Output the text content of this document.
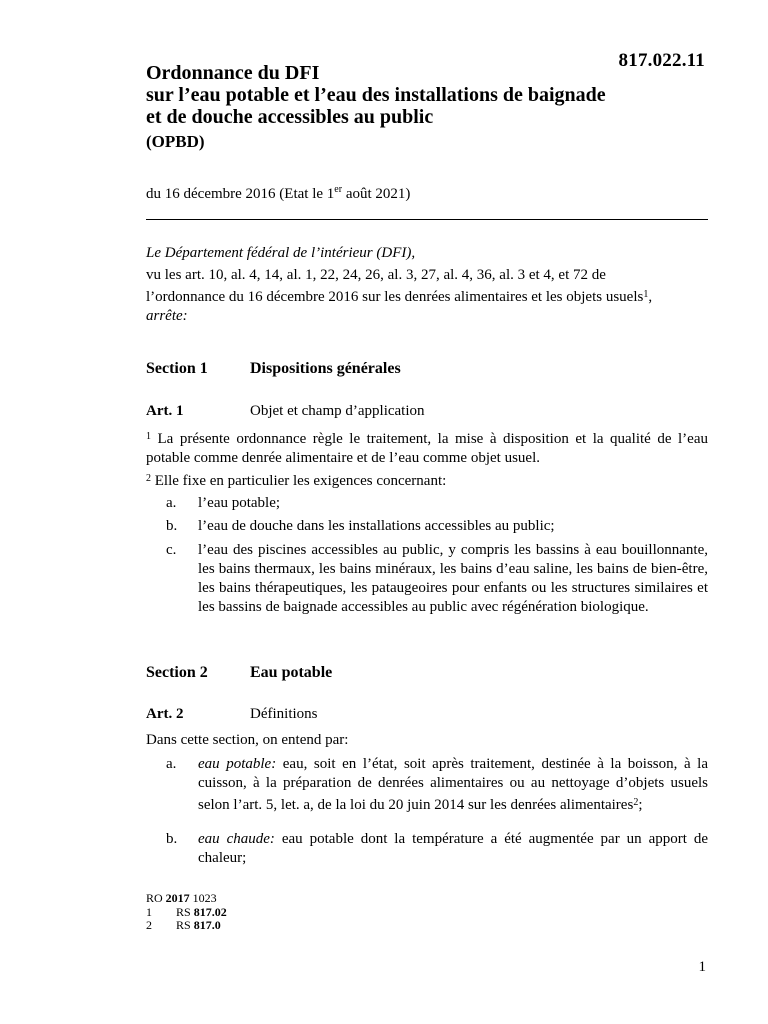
817.022.11
Ordonnance du DFI
sur l’eau potable et l’eau des installations de baignade
et de douche accessibles au public
(OPBD)
du 16 décembre 2016 (Etat le 1er août 2021)
Le Département fédéral de l’intérieur (DFI),
vu les art. 10, al. 4, 14, al. 1, 22, 24, 26, al. 3, 27, al. 4, 36, al. 3 et 4, et 72 de
l’ordonnance du 16 décembre 2016 sur les denrées alimentaires et les objets usuels$^1$,
arrête:
Section 1	Dispositions générales
Art. 1	Objet et champ d’application
$^1$ La présente ordonnance règle le traitement, la mise à disposition et la qualité de l’eau potable comme denrée alimentaire et de l’eau comme objet usuel.
$^2$ Elle fixe en particulier les exigences concernant:
a. l’eau potable;
b. l’eau de douche dans les installations accessibles au public;
c. l’eau des piscines accessibles au public, y compris les bassins à eau bouillonnante, les bains thermaux, les bains minéraux, les bains d’eau saline, les bains de bien-être, les bains thérapeutiques, les pataugeoires pour enfants ou les structures similaires et les bassins de baignade accessibles au public avec régénération biologique.
Section 2	Eau potable
Art. 2	Définitions
Dans cette section, on entend par:
a. eau potable: eau, soit en l’état, soit après traitement, destinée à la boisson, à la cuisson, à la préparation de denrées alimentaires ou au nettoyage d’objets usuels selon l’art. 5, let. a, de la loi du 20 juin 2014 sur les denrées alimentaires$^2$;
b. eau chaude: eau potable dont la température a été augmentée par un apport de chaleur;
RO 2017 1023
1 RS 817.02
2 RS 817.0
1
